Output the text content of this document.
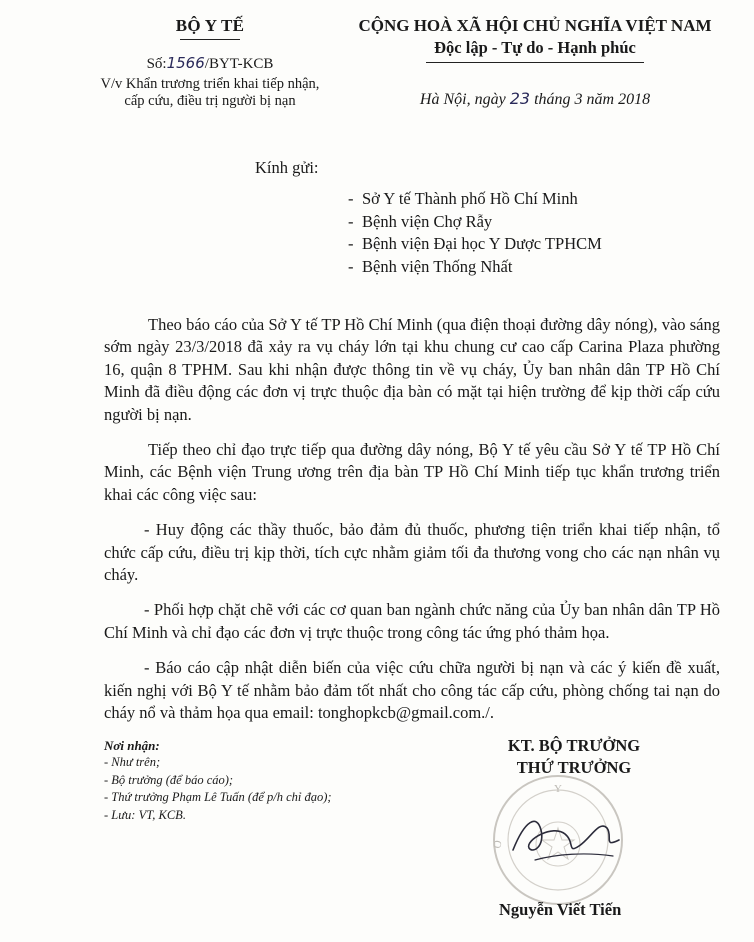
BỘ Y TẾ
Số:1566/BYT-KCB
V/v Khẩn trương triển khai tiếp nhận,
cấp cứu, điều trị người bị nạn
CỘNG HOÀ XÃ HỘI CHỦ NGHĨA VIỆT NAM
Độc lập - Tự do - Hạnh phúc
Hà Nội, ngày 23 tháng 3 năm 2018
Kính gửi:
- Sở Y tế Thành phố Hồ Chí Minh
- Bệnh viện Chợ Rẫy
- Bệnh viện Đại học Y Dược TPHCM
- Bệnh viện Thống Nhất

Theo báo cáo của Sở Y tế TP Hồ Chí Minh (qua điện thoại đường dây nóng), vào sáng sớm ngày 23/3/2018 đã xảy ra vụ cháy lớn tại khu chung cư cao cấp Carina Plaza phường 16, quận 8 TPHM. Sau khi nhận được thông tin về vụ cháy, Ủy ban nhân dân TP Hồ Chí Minh đã điều động các đơn vị trực thuộc địa bàn có mặt tại hiện trường để kịp thời cấp cứu người bị nạn.

Tiếp theo chỉ đạo trực tiếp qua đường dây nóng, Bộ Y tế yêu cầu Sở Y tế TP Hồ Chí Minh, các Bệnh viện Trung ương trên địa bàn TP Hồ Chí Minh tiếp tục khẩn trương triển khai các công việc sau:

- Huy động các thầy thuốc, bảo đảm đủ thuốc, phương tiện triển khai tiếp nhận, tổ chức cấp cứu, điều trị kịp thời, tích cực nhằm giảm tối đa thương vong cho các nạn nhân vụ cháy.

- Phối hợp chặt chẽ với các cơ quan ban ngành chức năng của Ủy ban nhân dân TP Hồ Chí Minh và chỉ đạo các đơn vị trực thuộc trong công tác ứng phó thảm họa.

- Báo cáo cập nhật diễn biến của việc cứu chữa người bị nạn và các ý kiến đề xuất, kiến nghị với Bộ Y tế nhằm bảo đảm tốt nhất cho công tác cấp cứu, phòng chống tai nạn do cháy nổ và thảm họa qua email: tonghopkcb@gmail.com./.

Nơi nhận:
- Như trên;
- Bộ trưởng (để báo cáo);
- Thứ trưởng Phạm Lê Tuấn (để p/h chỉ đạo);
- Lưu: VT, KCB.
Y
O
KT. BỘ TRƯỞNG
THỨ TRƯỞNG
Nguyễn Viết Tiến
